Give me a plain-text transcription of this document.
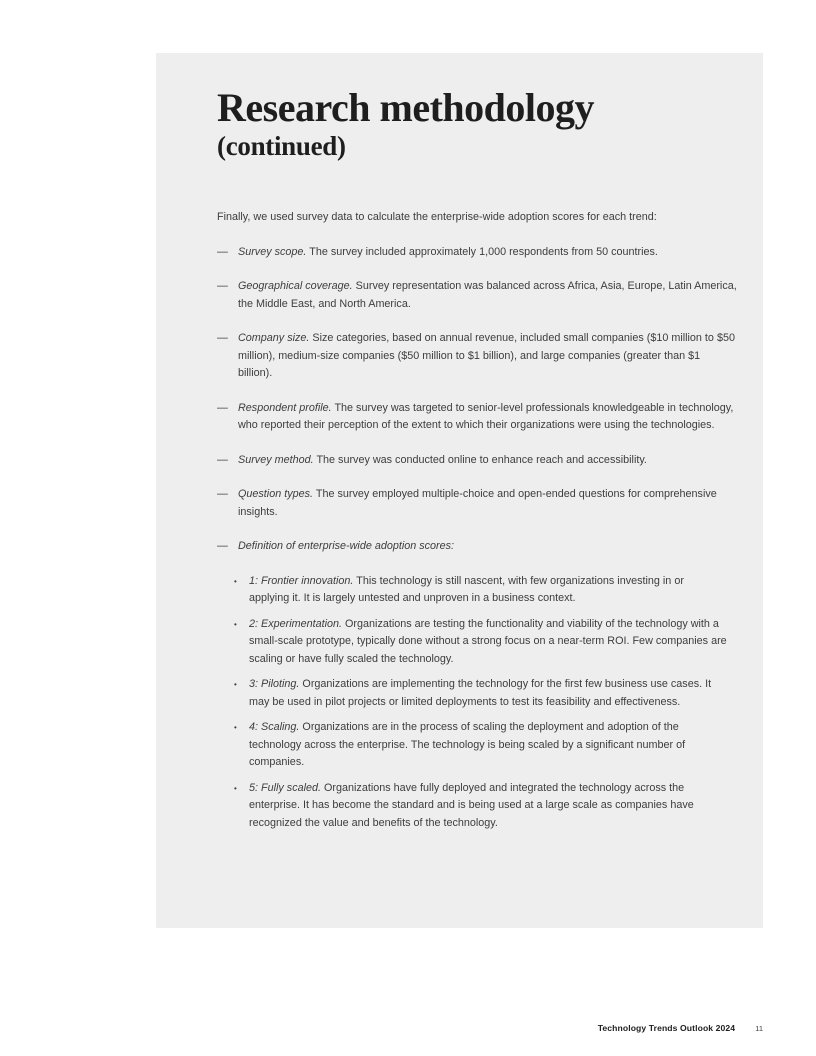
Research methodology
(continued)

Finally, we used survey data to calculate the enterprise-wide adoption scores for each trend:

— Survey scope. The survey included approximately 1,000 respondents from 50 countries.

— Geographical coverage. Survey representation was balanced across Africa, Asia, Europe, Latin America, the Middle East, and North America.

— Company size. Size categories, based on annual revenue, included small companies ($10 million to $50 million), medium-size companies ($50 million to $1 billion), and large companies (greater than $1 billion).

— Respondent profile. The survey was targeted to senior-level professionals knowledgeable in technology, who reported their perception of the extent to which their organizations were using the technologies.

— Survey method. The survey was conducted online to enhance reach and accessibility.

— Question types. The survey employed multiple-choice and open-ended questions for comprehensive insights.

— Definition of enterprise-wide adoption scores:

•	1: Frontier innovation. This technology is still nascent, with few organizations investing in or applying it. It is largely untested and unproven in a business context.

•	2: Experimentation. Organizations are testing the functionality and viability of the technology with a small-scale prototype, typically done without a strong focus on a near-term ROI. Few companies are scaling or have fully scaled the technology.

•	3: Piloting. Organizations are implementing the technology for the first few business use cases. It may be used in pilot projects or limited deployments to test its feasibility and effectiveness.

•	4: Scaling. Organizations are in the process of scaling the deployment and adoption of the technology across the enterprise. The technology is being scaled by a significant number of companies.

•	5: Fully scaled. Organizations have fully deployed and integrated the technology across the enterprise. It has become the standard and is being used at a large scale as companies have recognized the value and benefits of the technology.

Technology Trends Outlook 2024	11
